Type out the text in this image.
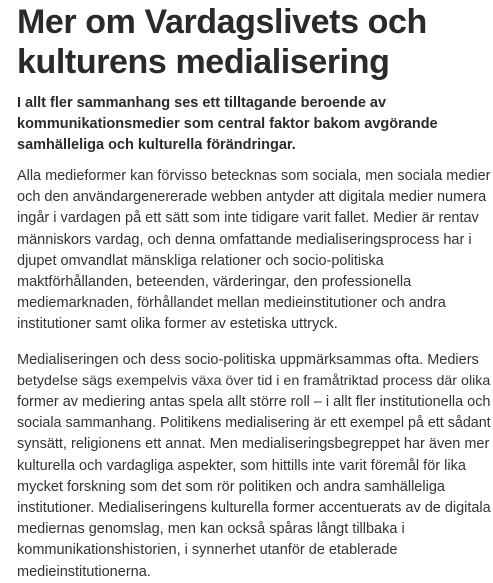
Mer om Vardagslivets och
kulturens medialisering

I allt fler sammanhang ses ett tilltagande beroende av
kommunikationsmedier som central faktor bakom avgörande
samhälleliga och kulturella förändringar.

Alla medieformer kan förvisso betecknas som sociala, men sociala medier
och den användargenererade webben antyder att digitala medier numera
ingår i vardagen på ett sätt som inte tidigare varit fallet. Medier är rentav
människors vardag, och denna omfattande medialiseringsprocess har i
djupet omvandlat mänskliga relationer och socio-politiska
maktförhållanden, beteenden, värderingar, den professionella
mediemarknaden, förhållandet mellan medieinstitutioner och andra
institutioner samt olika former av estetiska uttryck.

Medialiseringen och dess socio-politiska uppmärksammas ofta. Mediers
betydelse sägs exempelvis växa över tid i en framåtriktad process där olika
former av mediering antas spela allt större roll – i allt fler institutionella och
sociala sammanhang. Politikens medialisering är ett exempel på ett sådant
synsätt, religionens ett annat. Men medialiseringsbegreppet har även mer
kulturella och vardagliga aspekter, som hittills inte varit föremål för lika
mycket forskning som det som rör politiken och andra samhälleliga
institutioner. Medialiseringens kulturella former accentuerats av de digitala
mediernas genomslag, men kan också spåras långt tillbaka i
kommunikationshistorien, i synnerhet utanför de etablerade
medieinstitutionerna.
